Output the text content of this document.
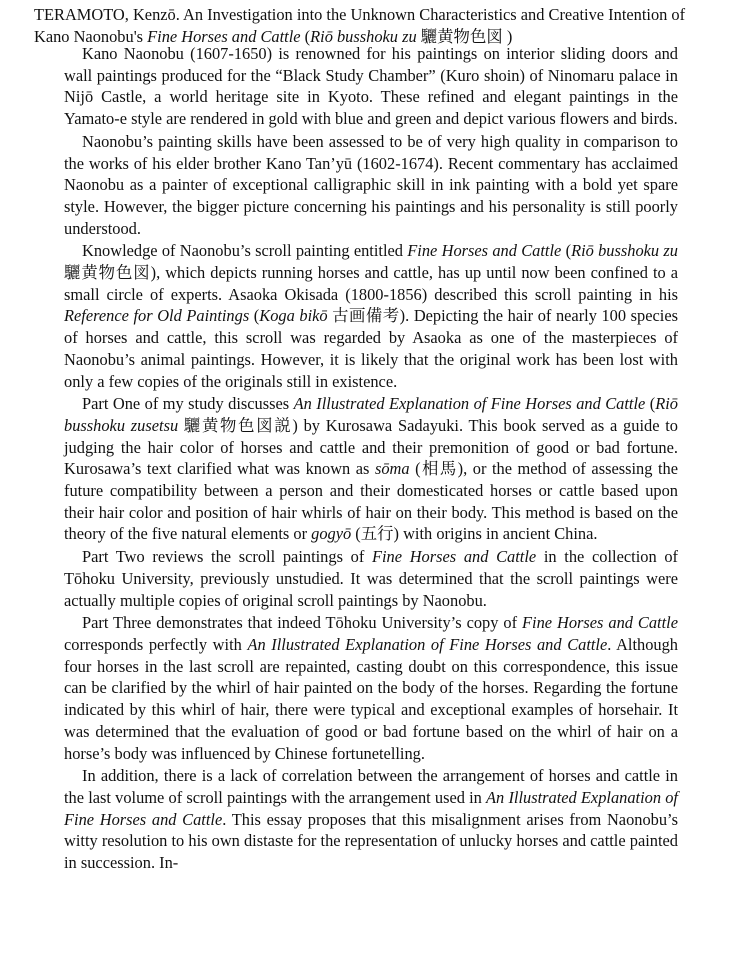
TERAMOTO, Kenzō. An Investigation into the Unknown Characteristics and Creative Intention of Kano Naonobu's Fine Horses and Cattle (Riō busshoku zu 驪黄物色図 )

Kano Naonobu (1607-1650) is renowned for his paintings on interior sliding doors and wall paintings produced for the “Black Study Chamber” (Kuro shoin) of Ninomaru palace in Nijō Castle, a world heritage site in Kyoto. These refined and elegant paintings in the Yamato-e style are rendered in gold with blue and green and depict various flowers and birds.

Naonobu’s painting skills have been assessed to be of very high quality in comparison to the works of his elder brother Kano Tan’yū (1602-1674). Recent commentary has acclaimed Naonobu as a painter of exceptional calligraphic skill in ink painting with a bold yet spare style. However, the bigger picture concerning his paintings and his personality is still poorly understood.

Knowledge of Naonobu’s scroll painting entitled Fine Horses and Cattle (Riō busshoku zu 驪黄物色図), which depicts running horses and cattle, has up until now been confined to a small circle of experts. Asaoka Okisada (1800-1856) described this scroll painting in his Reference for Old Paintings (Koga bikō 古画備考). Depicting the hair of nearly 100 species of horses and cattle, this scroll was regarded by Asaoka as one of the masterpieces of Naonobu’s animal paintings. However, it is likely that the original work has been lost with only a few copies of the originals still in existence.

Part One of my study discusses An Illustrated Explanation of Fine Horses and Cattle (Riō busshoku zusetsu 驪黄物色図説) by Kurosawa Sadayuki. This book served as a guide to judging the hair color of horses and cattle and their premonition of good or bad fortune. Kurosawa’s text clarified what was known as sōma (相馬), or the method of assessing the future compatibility between a person and their domesticated horses or cattle based upon their hair color and position of hair whirls of hair on their body. This method is based on the theory of the five natural elements or gogyō (五行) with origins in ancient China.

Part Two reviews the scroll paintings of Fine Horses and Cattle in the collection of Tōhoku University, previously unstudied. It was determined that the scroll paintings were actually multiple copies of original scroll paintings by Naonobu.

Part Three demonstrates that indeed Tōhoku University’s copy of Fine Horses and Cattle corresponds perfectly with An Illustrated Explanation of Fine Horses and Cattle. Although four horses in the last scroll are repainted, casting doubt on this correspondence, this issue can be clarified by the whirl of hair painted on the body of the horses. Regarding the fortune indicated by this whirl of hair, there were typical and exceptional examples of horsehair. It was determined that the evaluation of good or bad fortune based on the whirl of hair on a horse’s body was influenced by Chinese fortunetelling.

In addition, there is a lack of correlation between the arrangement of horses and cattle in the last volume of scroll paintings with the arrangement used in An Illustrated Explanation of Fine Horses and Cattle. This essay proposes that this misalignment arises from Naonobu’s witty resolution to his own distaste for the representation of unlucky horses and cattle painted in succession. In-
